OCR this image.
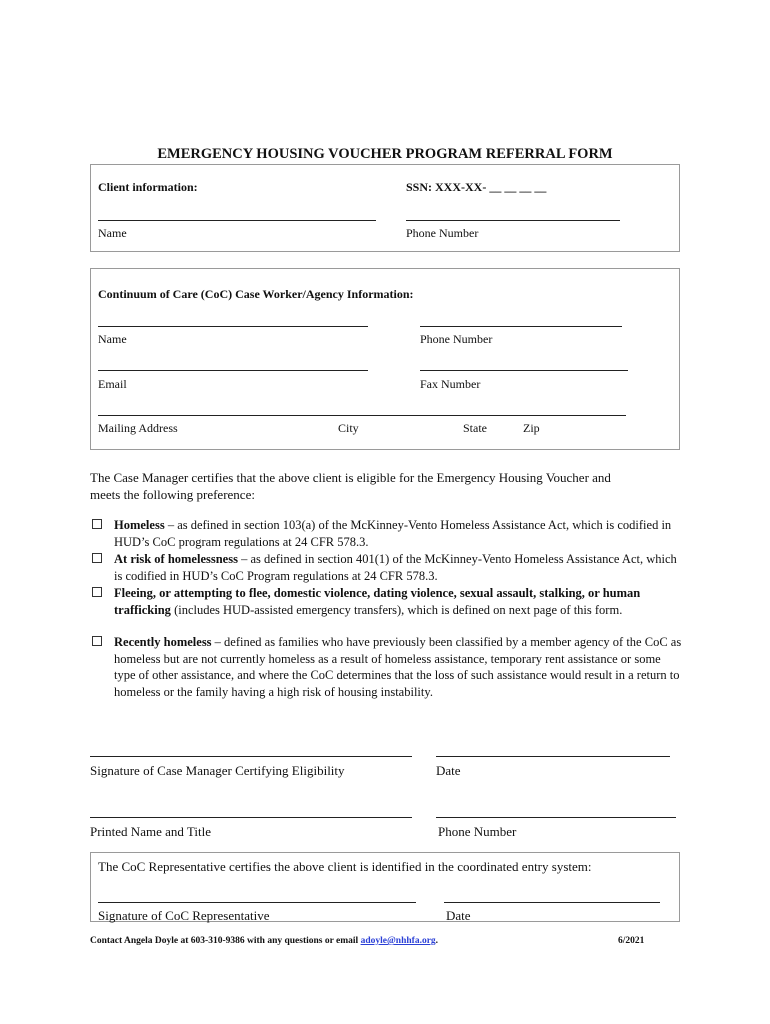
EMERGENCY HOUSING VOUCHER PROGRAM REFERRAL FORM
Client information:	SSN: XXX-XX- __ __ __ __
Name	Phone Number
Continuum of Care (CoC) Case Worker/Agency Information:
Name	Phone Number
Email	Fax Number
Mailing Address	City	State	Zip
The Case Manager certifies that the above client is eligible for the Emergency Housing Voucher and
meets the following preference:
Homeless – as defined in section 103(a) of the McKinney-Vento Homeless Assistance Act, which is codified in HUD’s CoC program regulations at 24 CFR 578.3.
At risk of homelessness – as defined in section 401(1) of the McKinney-Vento Homeless Assistance Act, which is codified in HUD’s CoC Program regulations at 24 CFR 578.3.
Fleeing, or attempting to flee, domestic violence, dating violence, sexual assault, stalking, or human trafficking (includes HUD-assisted emergency transfers), which is defined on next page of this form.
Recently homeless – defined as families who have previously been classified by a member agency of the CoC as homeless but are not currently homeless as a result of homeless assistance, temporary rent assistance or some type of other assistance, and where the CoC determines that the loss of such assistance would result in a return to homeless or the family having a high risk of housing instability.
Signature of Case Manager Certifying Eligibility	Date
Printed Name and Title	Phone Number
The CoC Representative certifies the above client is identified in the coordinated entry system:
Signature of CoC Representative	Date
Contact Angela Doyle at 603-310-9386 with any questions or email adoyle@nhhfa.org.	6/2021
